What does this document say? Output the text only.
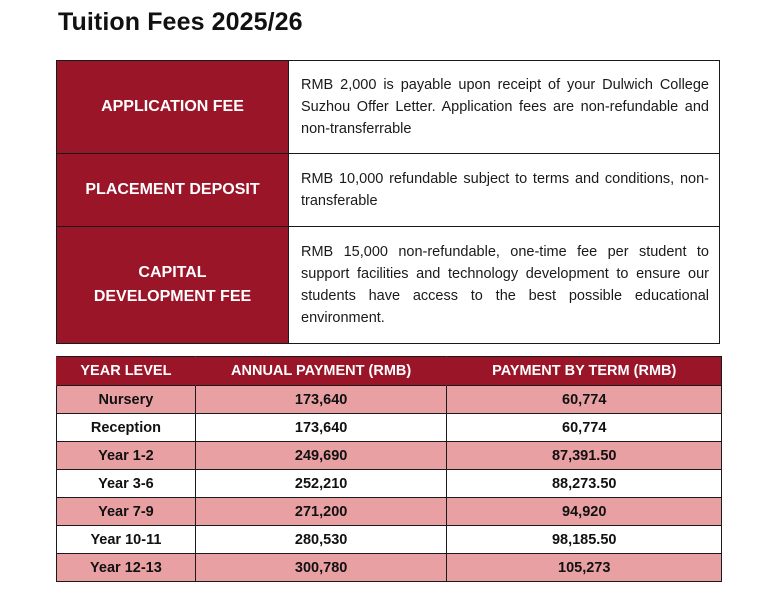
Tuition Fees 2025/26
APPLICATION FEE	RMB 2,000 is payable upon receipt of your Dulwich College Suzhou Offer Letter. Application fees are non-refundable and non-transferrable
PLACEMENT DEPOSIT	RMB 10,000 refundable subject to terms and conditions, non-transferable
CAPITAL DEVELOPMENT FEE	RMB 15,000 non-refundable, one-time fee per student to support facilities and technology development to ensure our students have access to the best possible educational environment.
YEAR LEVEL	ANNUAL PAYMENT (RMB)	PAYMENT BY TERM (RMB)
Nursery	173,640	60,774
Reception	173,640	60,774
Year 1-2	249,690	87,391.50
Year 3-6	252,210	88,273.50
Year 7-9	271,200	94,920
Year 10-11	280,530	98,185.50
Year 12-13	300,780	105,273
